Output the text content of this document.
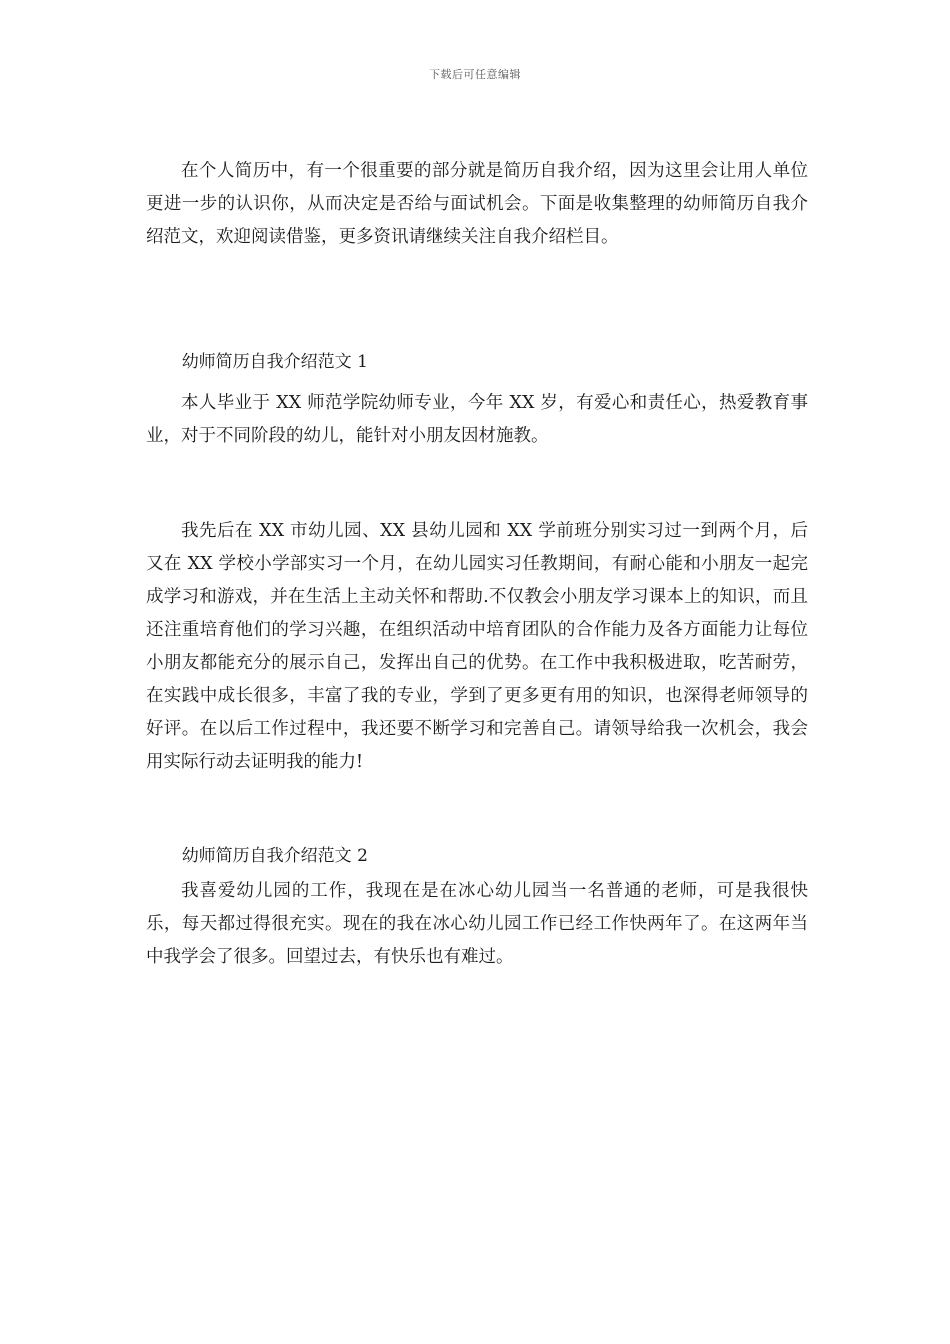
下载后可任意编辑

在个人简历中，有一个很重要的部分就是简历自我介绍，因为这里会让用人单位更进一步的认识你，从而决定是否给与面试机会。下面是收集整理的幼师简历自我介绍范文，欢迎阅读借鉴，更多资讯请继续关注自我介绍栏目。

幼师简历自我介绍范文 1

本人毕业于 XX 师范学院幼师专业，今年 XX 岁，有爱心和责任心，热爱教育事业，对于不同阶段的幼儿，能针对小朋友因材施教。

我先后在 XX 市幼儿园、XX 县幼儿园和 XX 学前班分别实习过一到两个月，后又在 XX 学校小学部实习一个月，在幼儿园实习任教期间，有耐心能和小朋友一起完成学习和游戏，并在生活上主动关怀和帮助.不仅教会小朋友学习课本上的知识，而且还注重培育他们的学习兴趣，在组织活动中培育团队的合作能力及各方面能力让每位小朋友都能充分的展示自己，发挥出自己的优势。在工作中我积极进取，吃苦耐劳，在实践中成长很多，丰富了我的专业，学到了更多更有用的知识，也深得老师领导的好评。在以后工作过程中，我还要不断学习和完善自己。请领导给我一次机会，我会用实际行动去证明我的能力!

幼师简历自我介绍范文 2

我喜爱幼儿园的工作，我现在是在冰心幼儿园当一名普通的老师，可是我很快乐，每天都过得很充实。现在的我在冰心幼儿园工作已经工作快两年了。在这两年当中我学会了很多。回望过去，有快乐也有难过。
